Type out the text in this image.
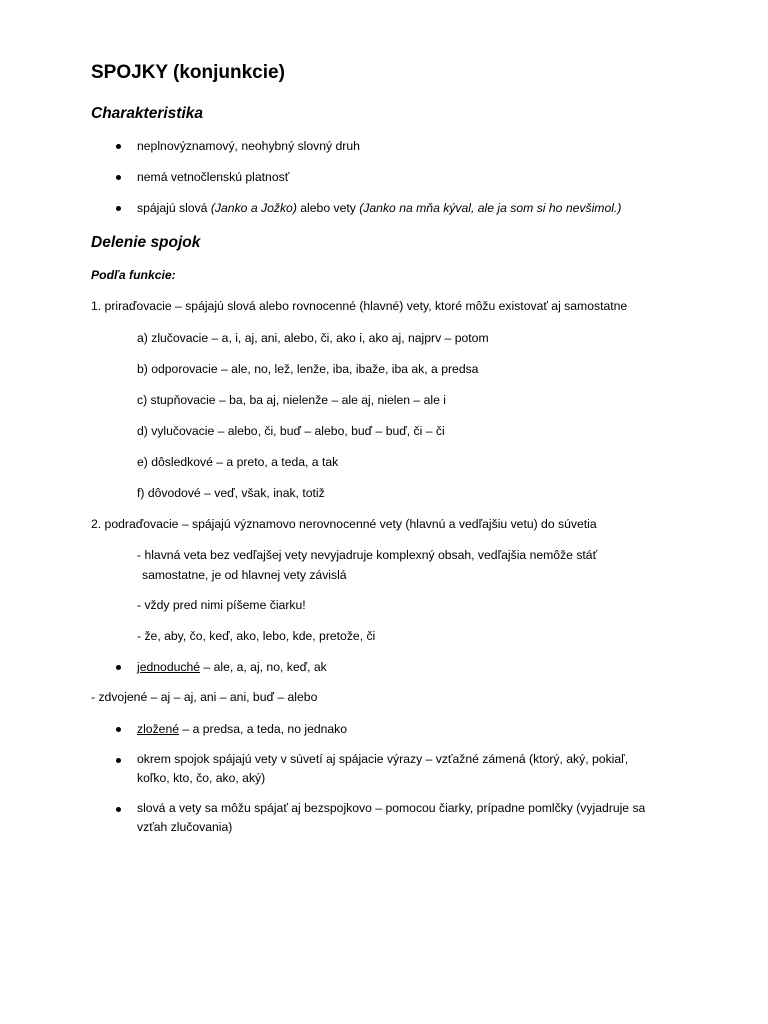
SPOJKY (konjunkcie)
Charakteristika
neplnovýznamový, neohybný slovný druh
nemá vetnočlenskú platnosť
spájajú slová (Janko a Jožko) alebo vety (Janko na mňa kýval, ale ja som si ho nevšimol.)
Delenie spojok
Podľa funkcie:
1. priraďovacie – spájajú slová alebo rovnocenné (hlavné) vety, ktoré môžu existovať aj samostatne
a) zlučovacie – a, i, aj, ani, alebo, či, ako i, ako aj, najprv – potom
b) odporovacie – ale, no, lež, lenže, iba, ibaže, iba ak, a predsa
c) stupňovacie – ba, ba aj, nielenže – ale aj, nielen – ale i
d) vylučovacie – alebo, či, buď – alebo, buď – buď, či – či
e) dôsledkové – a preto, a teda, a tak
f) dôvodové – veď, však, inak, totiž
2. podraďovacie – spájajú významovo nerovnocenné vety (hlavnú a vedľajšiu vetu) do súvetia
- hlavná veta bez vedľajšej vety nevyjadruje komplexný obsah, vedľajšia nemôže stáť
samostatne, je od hlavnej vety závislá
- vždy pred nimi píšeme čiarku!
- že, aby, čo, keď, ako, lebo, kde, pretože, či
jednoduché – ale, a, aj, no, keď, ak
- zdvojené – aj – aj, ani – ani, buď – alebo
zložené – a predsa, a teda, no jednako
okrem spojok spájajú vety v súvetí aj spájacie výrazy – vzťažné zámená (ktorý, aký, pokiaľ,
koľko, kto, čo, ako, aký)
slová a vety sa môžu spájať aj bezspojkovo – pomocou čiarky, prípadne pomlčky (vyjadruje sa
vzťah zlučovania)
